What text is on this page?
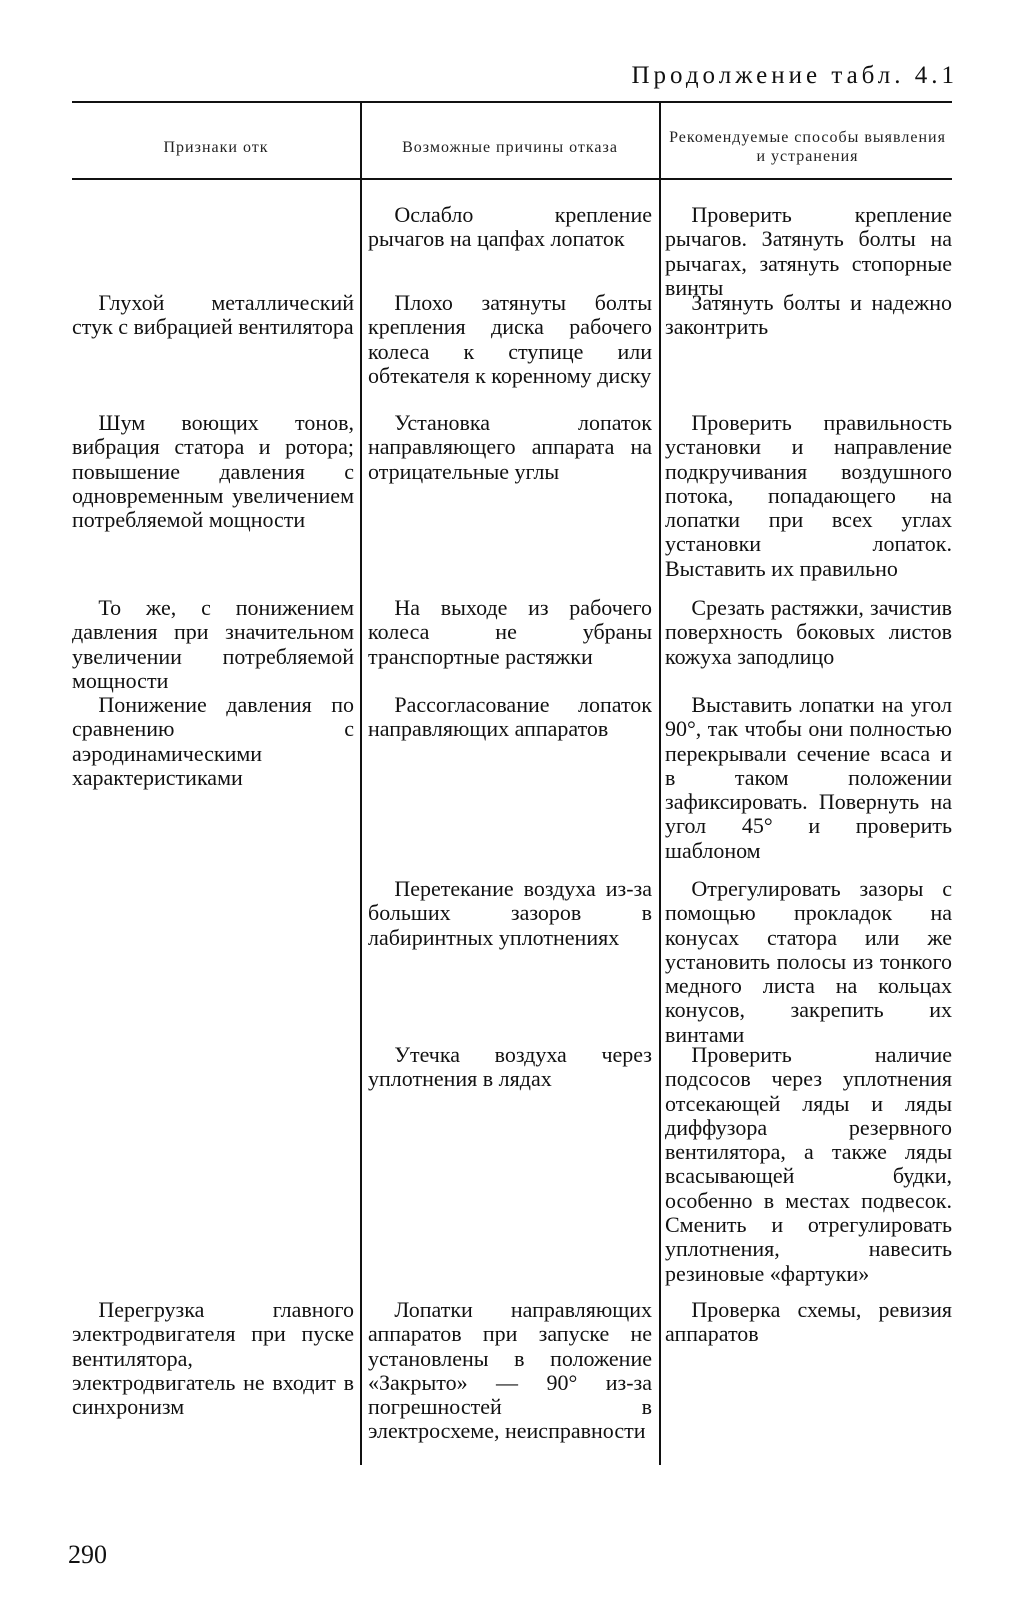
Продолжение табл. 4.1
Признаки отк	Возможные причины отказа
Рекомендуемые способы выявления и устранения
Глухой металлический стук с вибрацией вентилятора
Шум воющих тонов, вибрация статора и ротора; повышение давления с одновременным увеличением потребляемой мощности
То же, с понижением давления при значительном увеличении потребляемой мощности
Понижение давления по сравнению с аэродинамическими характеристиками
Перегрузка главного электродвигателя при пуске вентилятора, электродвигатель не входит в синхронизм
Ослабло крепление рычагов на цапфах лопаток
Плохо затянуты болты крепления диска рабочего колеса к ступице или обтекателя к коренному диску
Установка лопаток направляющего аппарата на отрицательные углы
На выходе из рабочего колеса не убраны транспортные растяжки
Рассогласование лопаток направляющих аппаратов
Перетекание воздуха из-за больших зазоров в лабиринтных уплотнениях
Утечка воздуха через уплотнения в лядах
Лопатки направляющих аппаратов при запуске не установлены в положение «Закрыто» — 90° из-за погрешностей в электросхеме, неисправности
Проверить крепление рычагов. Затянуть болты на рычагах, затянуть стопорные винты
Затянуть болты и надежно законтрить
Проверить правильность установки и направление подкручивания воздушного потока, попадающего на лопатки при всех углах установки лопаток. Выставить их правильно
Срезать растяжки, зачистив поверхность боковых листов кожуха заподлицо
Выставить лопатки на угол 90°, так чтобы они полностью перекрывали сечение всаса и в таком положении зафиксировать. Повернуть на угол 45° и проверить шаблоном
Отрегулировать зазоры с помощью прокладок на конусах статора или же установить полосы из тонкого медного листа на кольцах конусов, закрепить их винтами
Проверить наличие подсосов через уплотнения отсекающей ляды и ляды диффузора резервного вентилятора, а также ляды всасывающей будки, особенно в местах подвесок. Сменить и отрегулировать уплотнения, навесить резиновые «фартуки»
Проверка схемы, ревизия аппаратов
290
